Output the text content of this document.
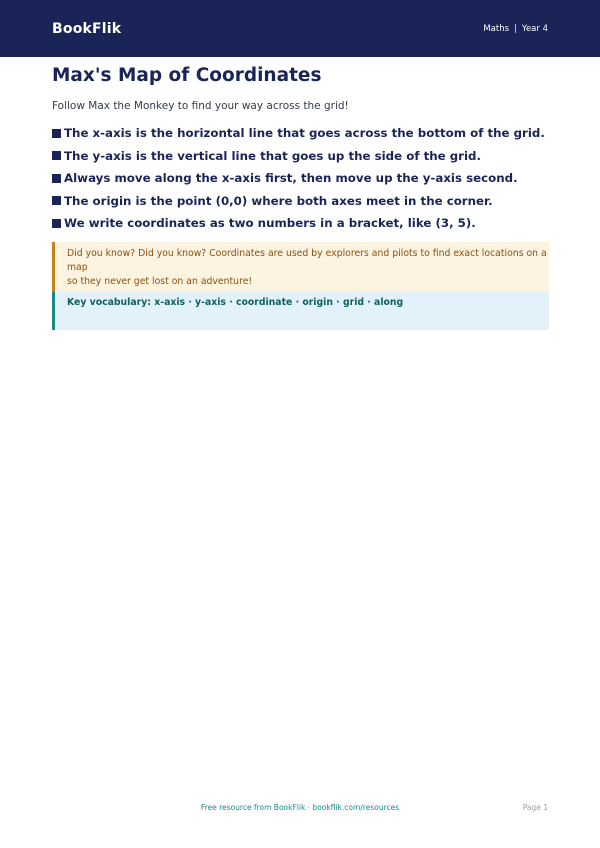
BookFlik	Maths | Year 4
Max's Map of Coordinates

Follow Max the Monkey to find your way across the grid!

The x-axis is the horizontal line that goes across the bottom of the grid.
The y-axis is the vertical line that goes up the side of the grid.
Always move along the x-axis first, then move up the y-axis second.
The origin is the point (0,0) where both axes meet in the corner.
We write coordinates as two numbers in a bracket, like (3, 5).
Did you know? Did you know? Coordinates are used by explorers and pilots to find exact locations on a map
so they never get lost on an adventure!
Key vocabulary: x-axis · y-axis · coordinate · origin · grid · along
Free resource from BookFlik · bookflik.com/resources	Page 1
